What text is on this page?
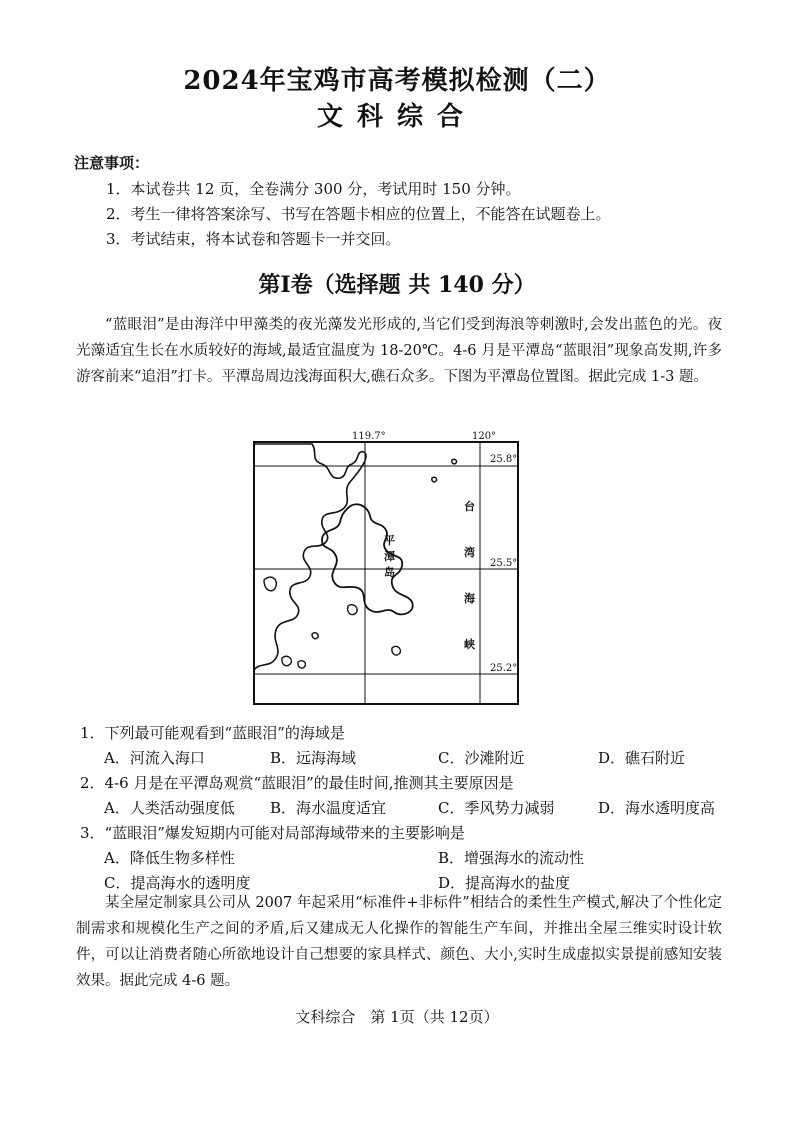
2024年宝鸡市高考模拟检测（二）
文科综合
注意事项：
1．本试卷共 12 页，全卷满分 300 分，考试用时 150 分钟。
2．考生一律将答案涂写、书写在答题卡相应的位置上，不能答在试题卷上。
3．考试结束，将本试卷和答题卡一并交回。
第Ⅰ卷（选择题 共 140 分）
“蓝眼泪”是由海洋中甲藻类的夜光藻发光形成的,当它们受到海浪等刺激时,会发出蓝色的光。夜光藻适宜生长在水质较好的海域,最适宜温度为 18-20℃。4-6 月是平潭岛“蓝眼泪”现象高发期,许多游客前来“追泪”打卡。平潭岛周边浅海面积大,礁石众多。下图为平潭岛位置图。据此完成 1-3 题。
平
潭
岛
台
湾
海
峡
119.7°	120°
25.8°
25.5°
25.2°
1．下列最可能观看到“蓝眼泪”的海域是
A．河流入海口	B．远海海域	C．沙滩附近	D．礁石附近
2．4-6 月是在平潭岛观赏“蓝眼泪”的最佳时间,推测其主要原因是
A．人类活动强度低 B．海水温度适宜	C．季风势力减弱	D．海水透明度高
3．“蓝眼泪”爆发短期内可能对局部海域带来的主要影响是
A．降低生物多样性	B．增强海水的流动性
C．提高海水的透明度	D．提高海水的盐度
某全屋定制家具公司从 2007 年起采用“标准件+非标件”相结合的柔性生产模式,解决了个性化定制需求和规模化生产之间的矛盾,后又建成无人化操作的智能生产车间，并推出全屋三维实时设计软件，可以让消费者随心所欲地设计自己想要的家具样式、颜色、大小,实时生成虚拟实景提前感知安装效果。据此完成 4-6 题。
文科综合　第 1页（共 12页）
